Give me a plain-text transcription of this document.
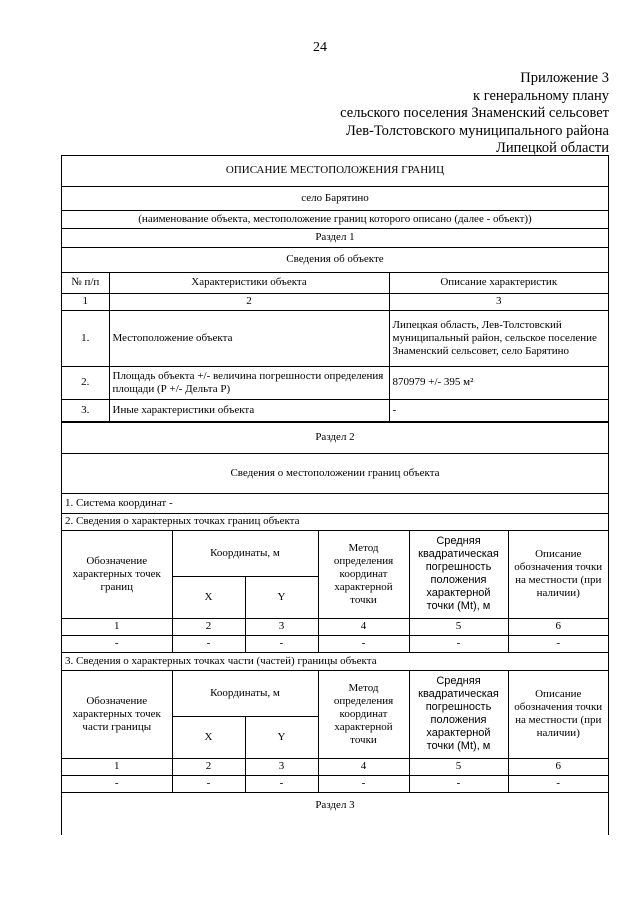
24
Приложение 3
к генеральному плану
сельского поселения Знаменский сельсовет
Лев-Толстовского муниципального района
Липецкой области
ОПИСАНИЕ МЕСТОПОЛОЖЕНИЯ ГРАНИЦ		
село Барятино		
(наименование объекта, местоположение границ которого описано (далее - объект))		
Раздел 1		
Сведения об объекте		
№ п/п	Характеристики объекта	Описание характеристик
1	2	3
1.	Местоположение объекта	Липецкая область, Лев-Толстовский муниципальный район, сельское поселение Знаменский сельсовет, село Барятино
2.	Площадь объекта +/- величина погрешности определения площади (Р +/- Дельта Р)	870979 +/- 395 м²
3.	Иные характеристики объекта	-
Раздел 2					
Сведения о местоположении границ объекта					
1. Система координат -					
2. Сведения о характерных точках границ объекта					
Обозначение характерных точек границ	Координаты, м		Метод определения координат характерной точки	Средняя квадратическая погрешность положения характерной точки (Mt), м	Описание обозначения точки на местности (при наличии)
	X	Y			
1	2	3	4	5	6
-	-	-	-	-	-
3. Сведения о характерных точках части (частей) границы объекта					
Обозначение характерных точек части границы	Координаты, м		Метод определения координат характерной точки	Средняя квадратическая погрешность положения характерной точки (Mt), м	Описание обозначения точки на местности (при наличии)
	X	Y			
1	2	3	4	5	6
-	-	-	-	-	-
Раздел 3					
